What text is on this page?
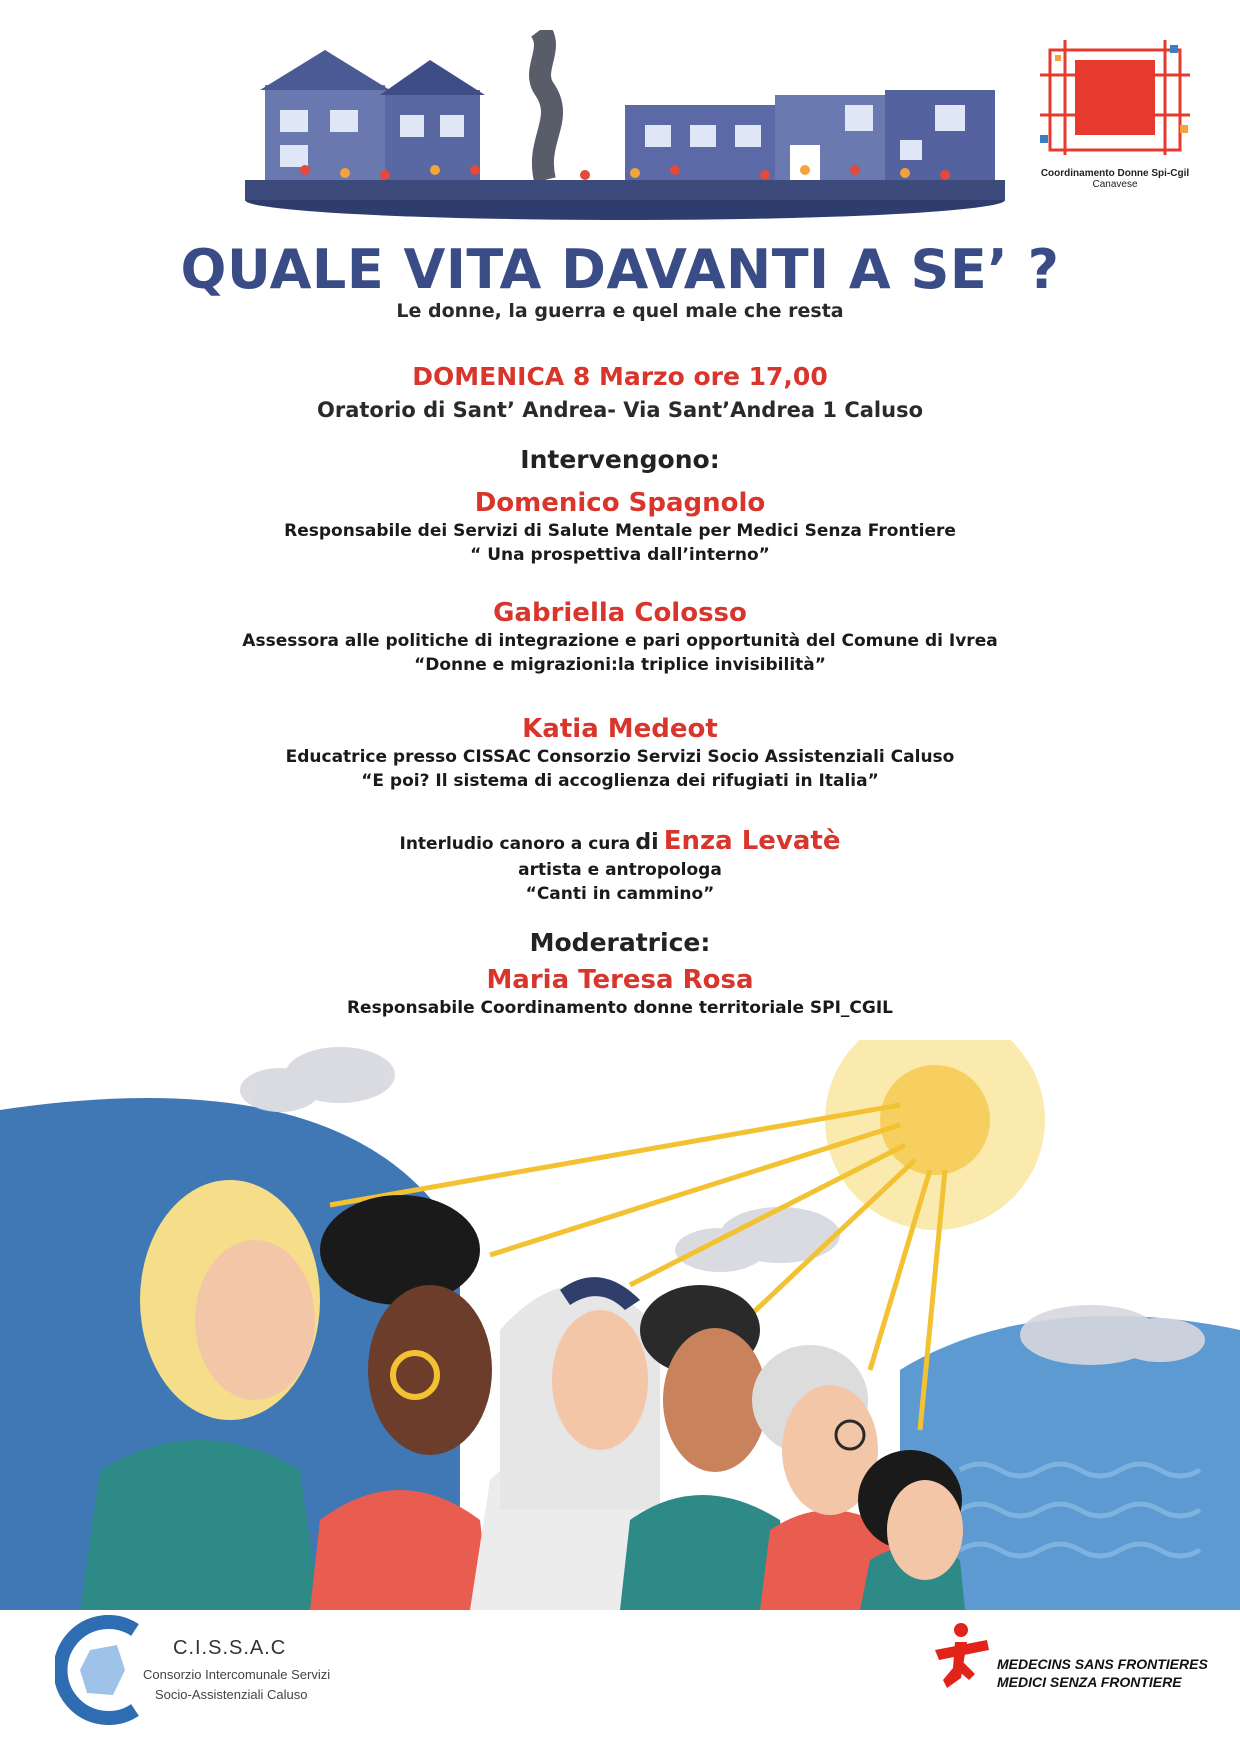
Coordinamento Donne Spi-Cgil
Canavese
QUALE VITA DAVANTI A SE’ ?
Le donne, la guerra e quel male che resta
DOMENICA 8 Marzo ore 17,00
Oratorio di Sant’ Andrea- Via Sant’Andrea 1 Caluso
Intervengono:
Domenico Spagnolo
Responsabile dei Servizi di Salute Mentale per Medici Senza Frontiere
“ Una prospettiva dall’interno”
Gabriella Colosso
Assessora alle politiche di integrazione e pari opportunità del Comune di Ivrea
“Donne e migrazioni:la triplice invisibilità”
Katia Medeot
Educatrice presso CISSAC Consorzio Servizi Socio Assistenziali Caluso
“E poi? Il sistema di accoglienza dei rifugiati in Italia”
Interludio canoro a cura di Enza Levatè
artista e antropologa
“Canti in cammino”
Moderatrice:
Maria Teresa Rosa
Responsabile Coordinamento donne territoriale SPI_CGIL
C.I.S.S.A.C
Consorzio Intercomunale Servizi
Socio-Assistenziali Caluso
MEDECINS SANS FRONTIERES
MEDICI SENZA FRONTIERE
